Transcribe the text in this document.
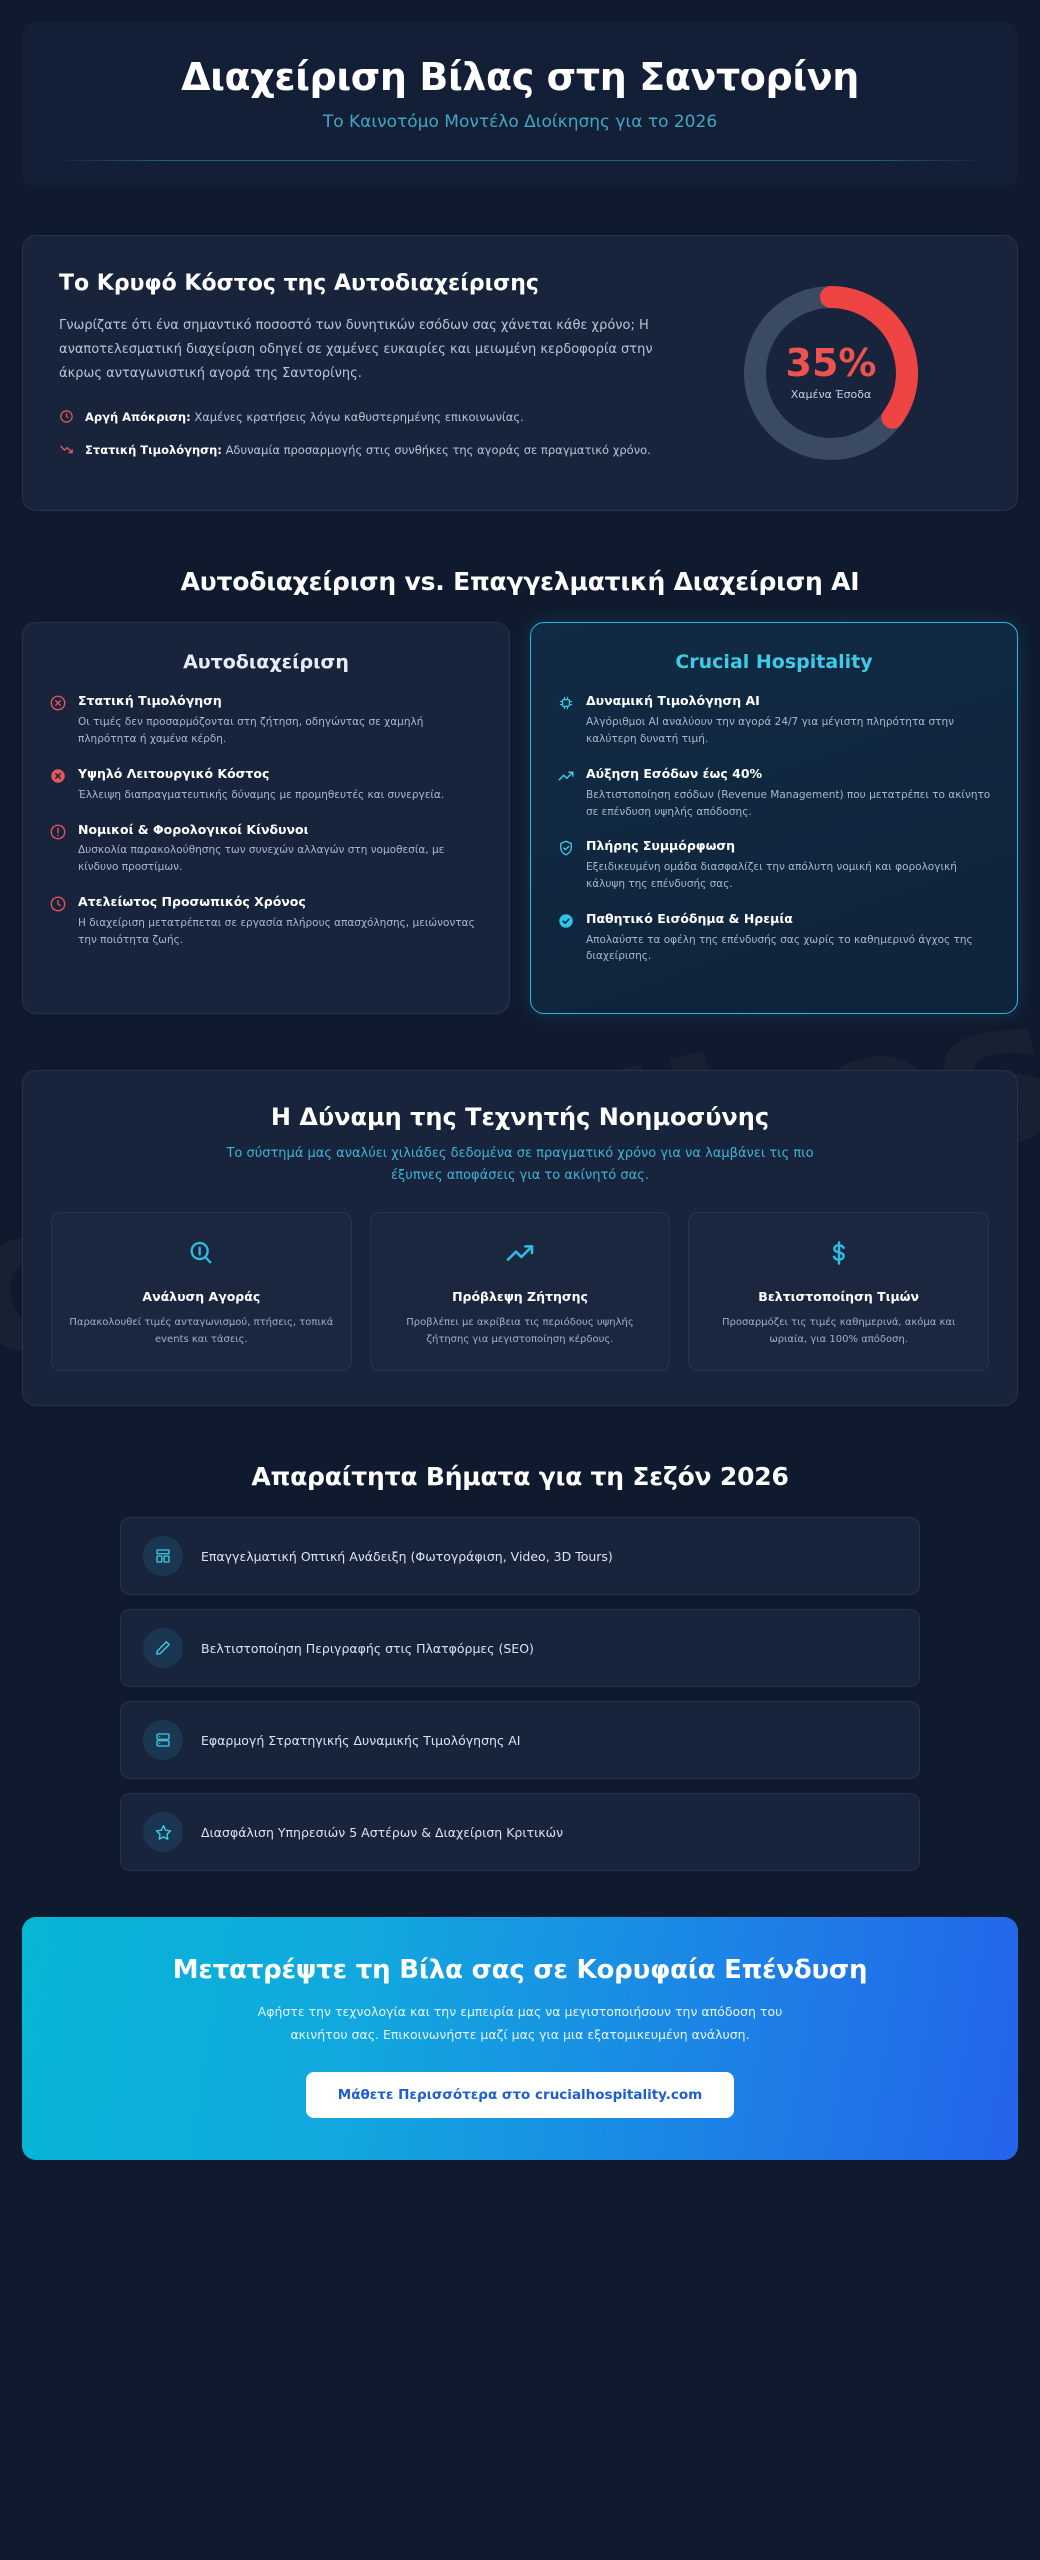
Διαχείριση Βίλας στη Σαντορίνη
Το Καινοτόμο Μοντέλο Διοίκησης για το 2026
Το Κρυφό Κόστος της Αυτοδιαχείρισης

Γνωρίζατε ότι ένα σημαντικό ποσοστό των δυνητικών εσόδων σας χάνεται κάθε χρόνο; Η αναποτελεσματική διαχείριση οδηγεί σε χαμένες ευκαιρίες και μειωμένη κερδοφορία στην άκρως ανταγωνιστική αγορά της Σαντορίνης.

Αργή Απόκριση: Χαμένες κρατήσεις λόγω καθυστερημένης επικοινωνίας.
Στατική Τιμολόγηση: Αδυναμία προσαρμογής στις συνθήκες της αγοράς σε πραγματικό χρόνο.
35%
Χαμένα Έσοδα
Αυτοδιαχείριση vs. Επαγγελματική Διαχείριση AI
Αυτοδιαχείριση
Στατική Τιμολόγηση
Οι τιμές δεν προσαρμόζονται στη ζήτηση, οδηγώντας σε χαμηλή πληρότητα ή χαμένα κέρδη.
Υψηλό Λειτουργικό Κόστος
Έλλειψη διαπραγματευτικής δύναμης με προμηθευτές και συνεργεία.
Νομικοί & Φορολογικοί Κίνδυνοι
Δυσκολία παρακολούθησης των συνεχών αλλαγών στη νομοθεσία, με κίνδυνο προστίμων.
Ατελείωτος Προσωπικός Χρόνος
Η διαχείριση μετατρέπεται σε εργασία πλήρους απασχόλησης, μειώνοντας την ποιότητα ζωής.
Crucial Hospitality
Δυναμική Τιμολόγηση AI
Αλγόριθμοι AI αναλύουν την αγορά 24/7 για μέγιστη πληρότητα στην καλύτερη δυνατή τιμή.
Αύξηση Εσόδων έως 40%
Βελτιστοποίηση εσόδων (Revenue Management) που μετατρέπει το ακίνητο σε επένδυση υψηλής απόδοσης.
Πλήρης Συμμόρφωση
Εξειδικευμένη ομάδα διασφαλίζει την απόλυτη νομική και φορολογική κάλυψη της επένδυσής σας.
Παθητικό Εισόδημα & Ηρεμία
Απολαύστε τα οφέλη της επένδυσής σας χωρίς το καθημερινό άγχος της διαχείρισης.
Η Δύναμη της Τεχνητής Νοημοσύνης
Το σύστημά μας αναλύει χιλιάδες δεδομένα σε πραγματικό χρόνο για να λαμβάνει τις πιο έξυπνες αποφάσεις για το ακίνητό σας.
Ανάλυση Αγοράς
Παρακολουθεί τιμές ανταγωνισμού, πτήσεις, τοπικά events και τάσεις.
Πρόβλεψη Ζήτησης
Προβλέπει με ακρίβεια τις περιόδους υψηλής ζήτησης για μεγιστοποίηση κέρδους.
Βελτιστοποίηση Τιμών
Προσαρμόζει τις τιμές καθημερινά, ακόμα και ωριαία, για 100% απόδοση.
Απαραίτητα Βήματα για τη Σεζόν 2026
Επαγγελματική Οπτική Ανάδειξη (Φωτογράφιση, Video, 3D Tours)
Βελτιστοποίηση Περιγραφής στις Πλατφόρμες (SEO)
Εφαρμογή Στρατηγικής Δυναμικής Τιμολόγησης AI
Διασφάλιση Υπηρεσιών 5 Αστέρων & Διαχείριση Κριτικών
Μετατρέψτε τη Βίλα σας σε Κορυφαία Επένδυση

Αφήστε την τεχνολογία και την εμπειρία μας να μεγιστοποιήσουν την απόδοση του ακινήτου σας. Επικοινωνήστε μαζί μας για μια εξατομικευμένη ανάλυση.

Μάθετε Περισσότερα στο crucialhospitality.com
